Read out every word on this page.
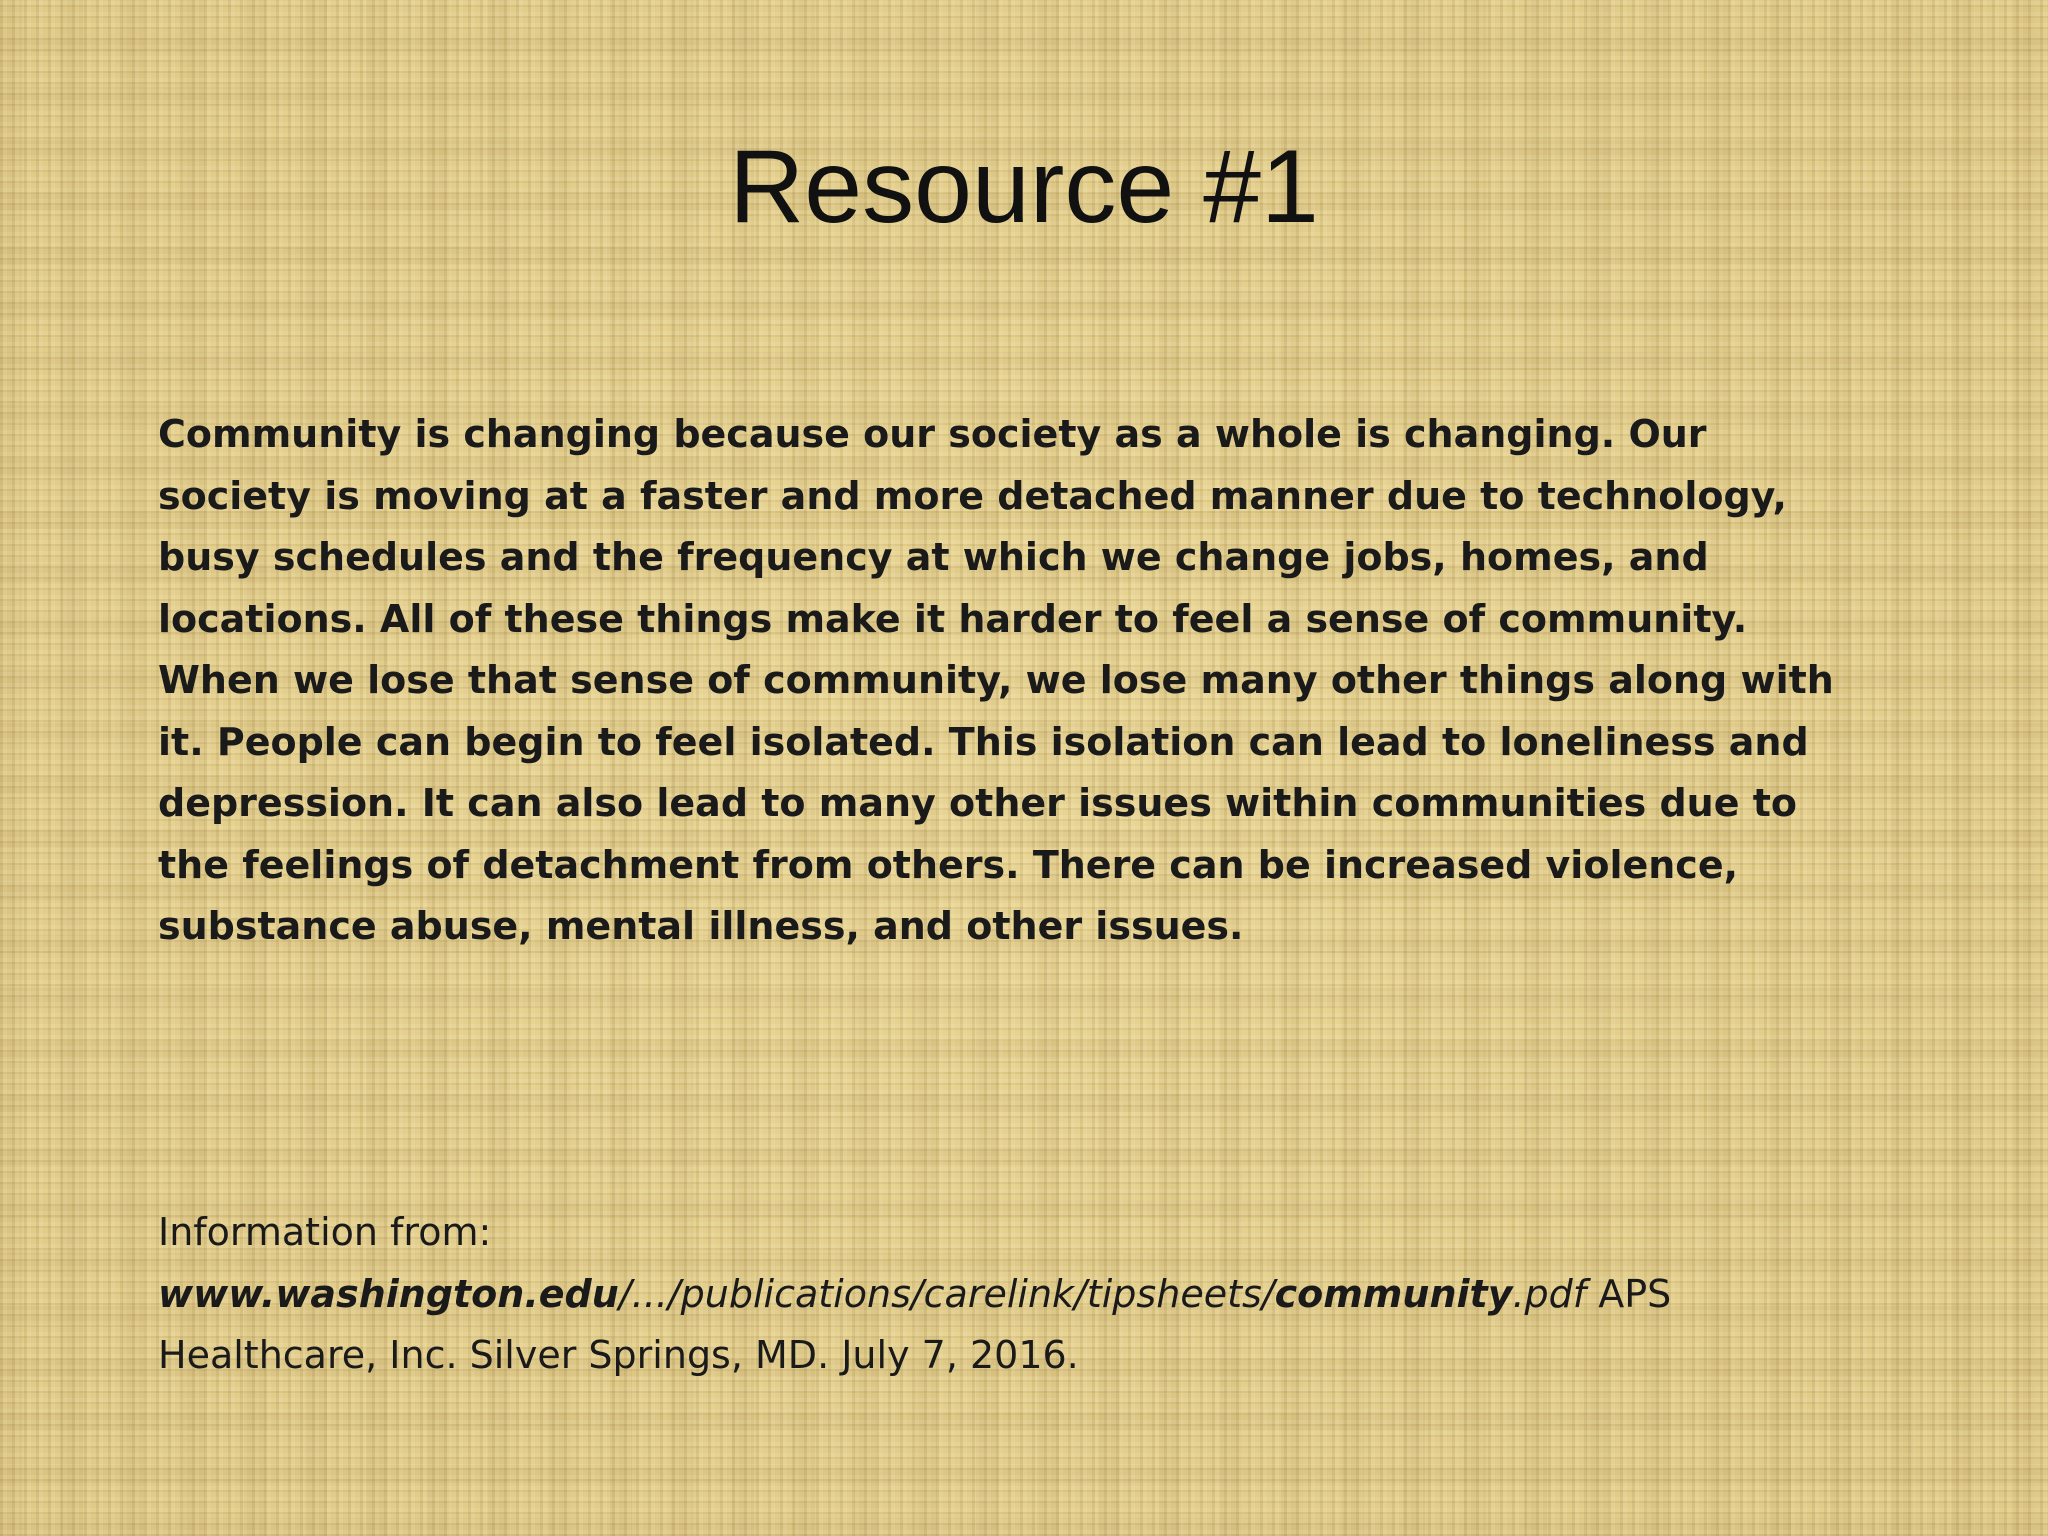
Resource #1

Community is changing because our society as a whole is changing. Our
society is moving at a faster and more detached manner due to technology,
busy schedules and the frequency at which we change jobs, homes, and
locations. All of these things make it harder to feel a sense of community.
When we lose that sense of community, we lose many other things along with
it. People can begin to feel isolated. This isolation can lead to loneliness and
depression. It can also lead to many other issues within communities due to
the feelings of detachment from others. There can be increased violence,
substance abuse, mental illness, and other issues.

Information from:
www.washington.edu/.../publications/carelink/tipsheets/community.pdf APS
Healthcare, Inc. Silver Springs, MD. July 7, 2016.
